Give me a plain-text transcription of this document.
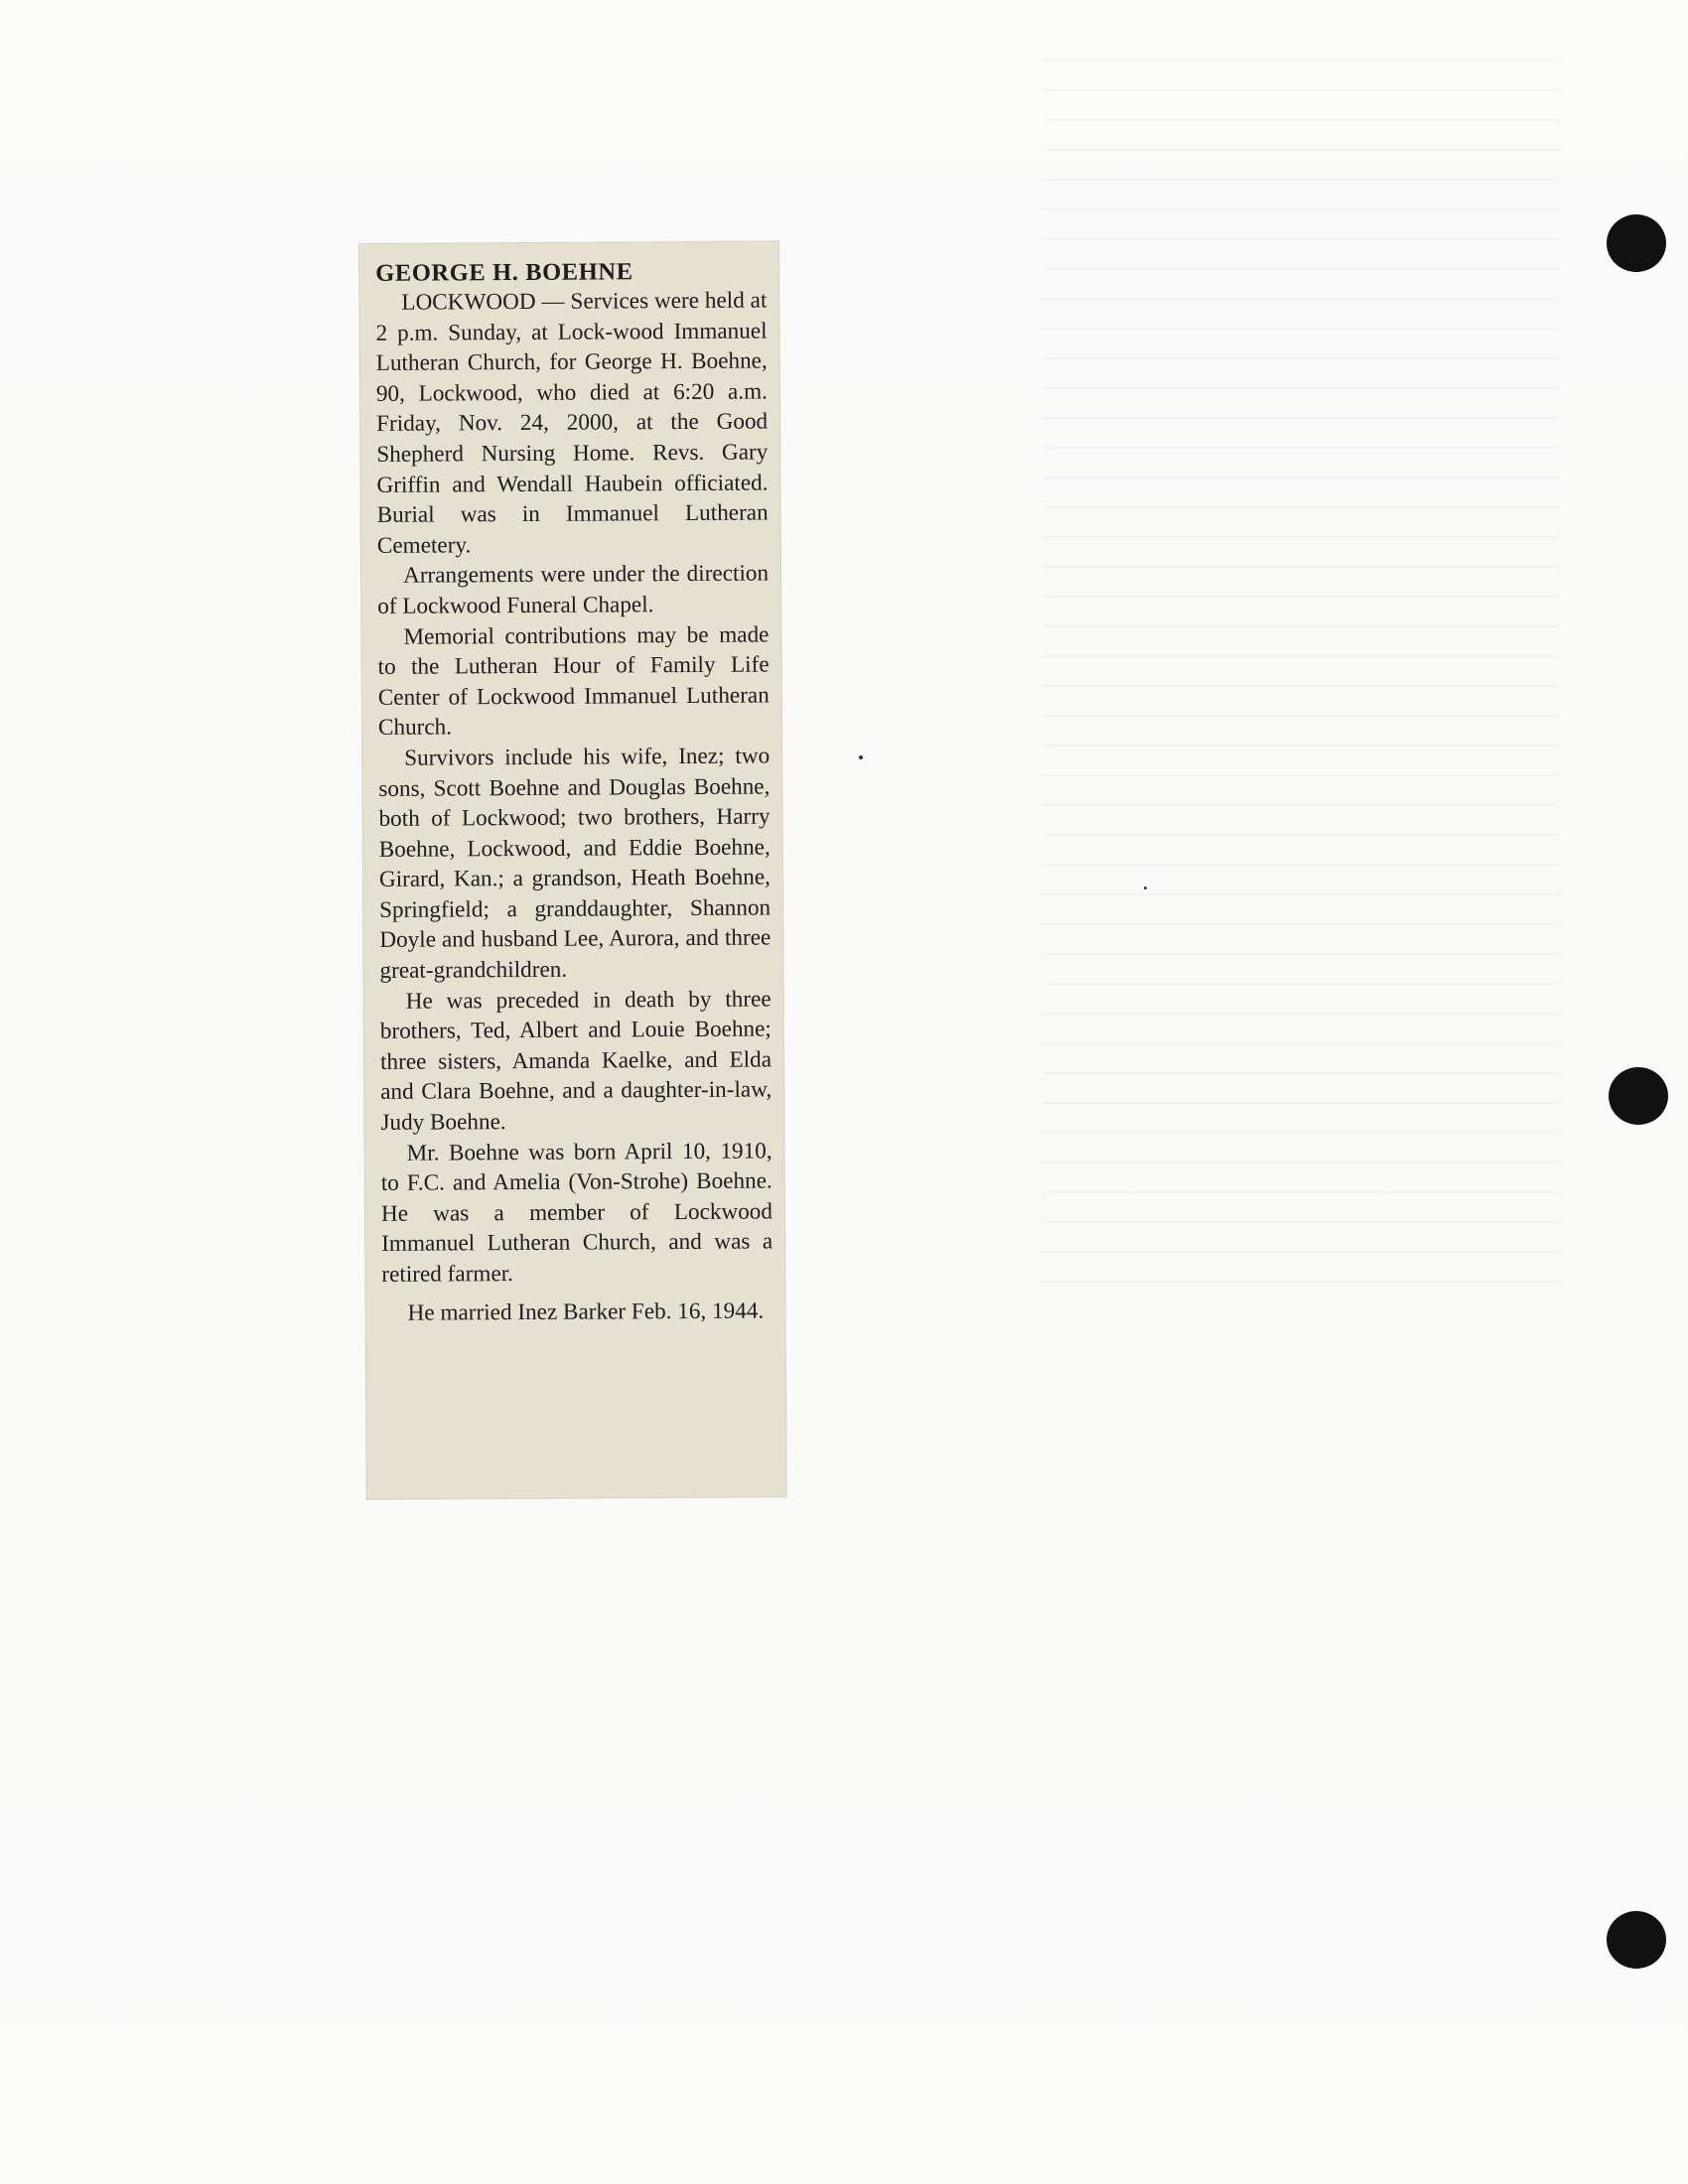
GEORGE H. BOEHNE

LOCKWOOD — Services were held at 2 p.m. Sunday, at Lock-wood Immanuel Lutheran Church, for George H. Boehne, 90, Lockwood, who died at 6:20 a.m. Friday, Nov. 24, 2000, at the Good Shepherd Nursing Home. Revs. Gary Griffin and Wendall Haubein officiated. Burial was in Immanuel Lutheran Cemetery.

Arrangements were under the direction of Lockwood Funeral Chapel.

Memorial contributions may be made to the Lutheran Hour of Family Life Center of Lockwood Immanuel Lutheran Church.

Survivors include his wife, Inez; two sons, Scott Boehne and Douglas Boehne, both of Lockwood; two brothers, Harry Boehne, Lockwood, and Eddie Boehne, Girard, Kan.; a grandson, Heath Boehne, Springfield; a granddaughter, Shannon Doyle and husband Lee, Aurora, and three great-grandchildren.

He was preceded in death by three brothers, Ted, Albert and Louie Boehne; three sisters, Amanda Kaelke, and Elda and Clara Boehne, and a daughter-in-law, Judy Boehne.

Mr. Boehne was born April 10, 1910, to F.C. and Amelia (Von-Strohe) Boehne. He was a member of Lockwood Immanuel Lutheran Church, and was a retired farmer.

He married Inez Barker Feb. 16, 1944.
